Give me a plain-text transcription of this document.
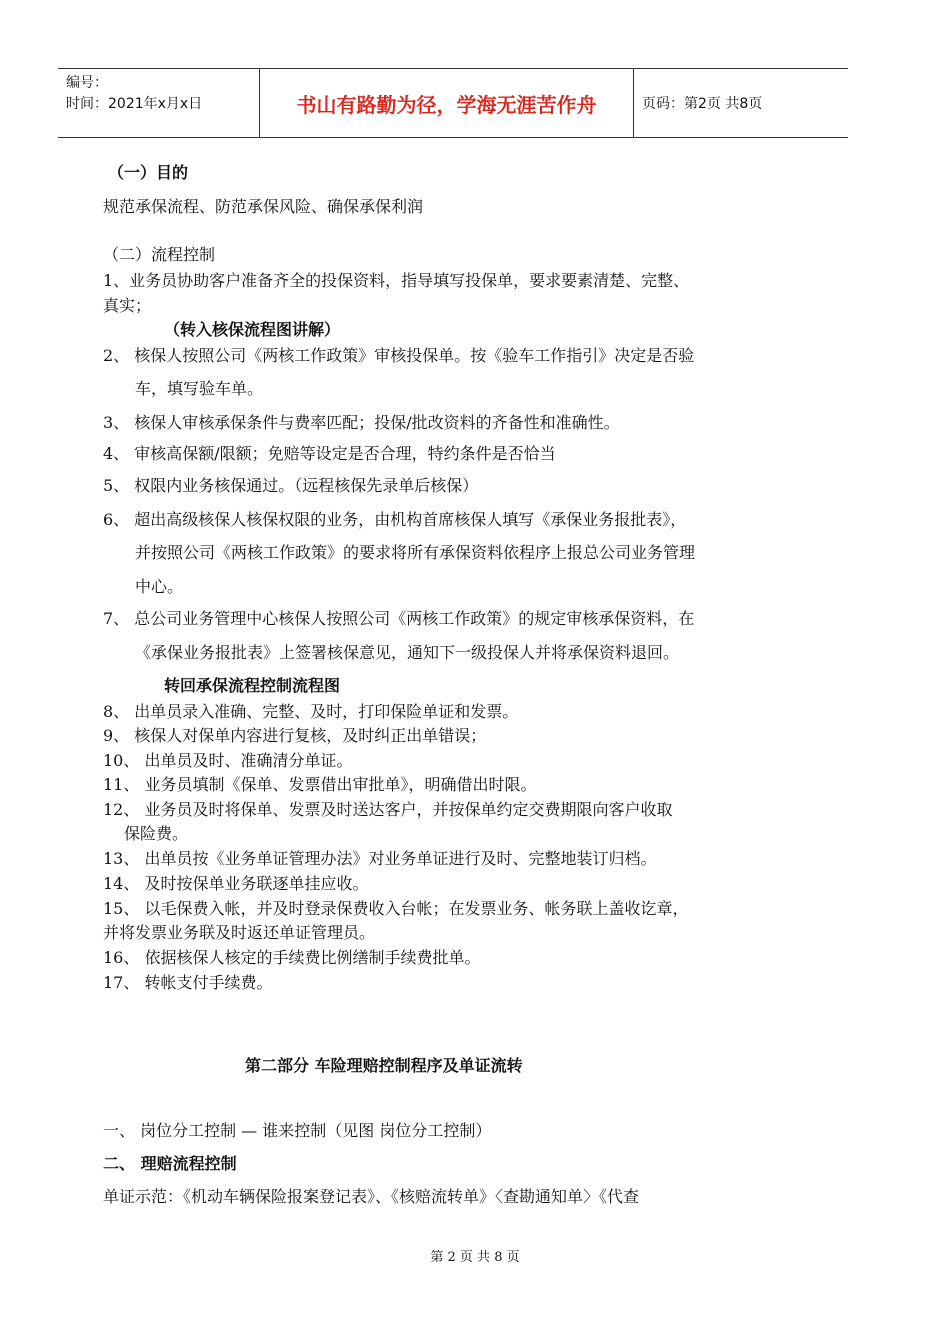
编号：
时间：2021年x月x日	书山有路勤为径，学海无涯苦作舟	页码：第2页 共8页
（一）目的
规范承保流程、防范承保风险、确保承保利润
（二）流程控制
1、业务员协助客户准备齐全的投保资料，指导填写投保单，要求要素清楚、完整、
真实；
（转入核保流程图讲解）
2、 核保人按照公司《两核工作政策》审核投保单。按《验车工作指引》决定是否验
车，填写验车单。
3、 核保人审核承保条件与费率匹配；投保/批改资料的齐备性和准确性。
4、 审核高保额/限额；免赔等设定是否合理，特约条件是否恰当
5、 权限内业务核保通过。（远程核保先录单后核保）
6、 超出高级核保人核保权限的业务，由机构首席核保人填写《承保业务报批表》，
并按照公司《两核工作政策》的要求将所有承保资料依程序上报总公司业务管理
中心。
7、 总公司业务管理中心核保人按照公司《两核工作政策》的规定审核承保资料，在
《承保业务报批表》上签署核保意见，通知下一级投保人并将承保资料退回。
转回承保流程控制流程图
8、 出单员录入准确、完整、及时，打印保险单证和发票。
9、 核保人对保单内容进行复核，及时纠正出单错误；
10、 出单员及时、准确清分单证。
11、 业务员填制《保单、发票借出审批单》，明确借出时限。
12、 业务员及时将保单、发票及时送达客户，并按保单约定交费期限向客户收取
保险费。
13、 出单员按《业务单证管理办法》对业务单证进行及时、完整地装订归档。
14、 及时按保单业务联逐单挂应收。
15、 以毛保费入帐，并及时登录保费收入台帐；在发票业务、帐务联上盖收讫章，
并将发票业务联及时返还单证管理员。
16、 依据核保人核定的手续费比例缮制手续费批单。
17、 转帐支付手续费。
第二部分 车险理赔控制程序及单证流转
一、 岗位分工控制 — 谁来控制（见图 岗位分工控制）
二、 理赔流程控制
单证示范：《机动车辆保险报案登记表》、《核赔流转单》〈查勘通知单〉《代查
第 2 页 共 8 页
